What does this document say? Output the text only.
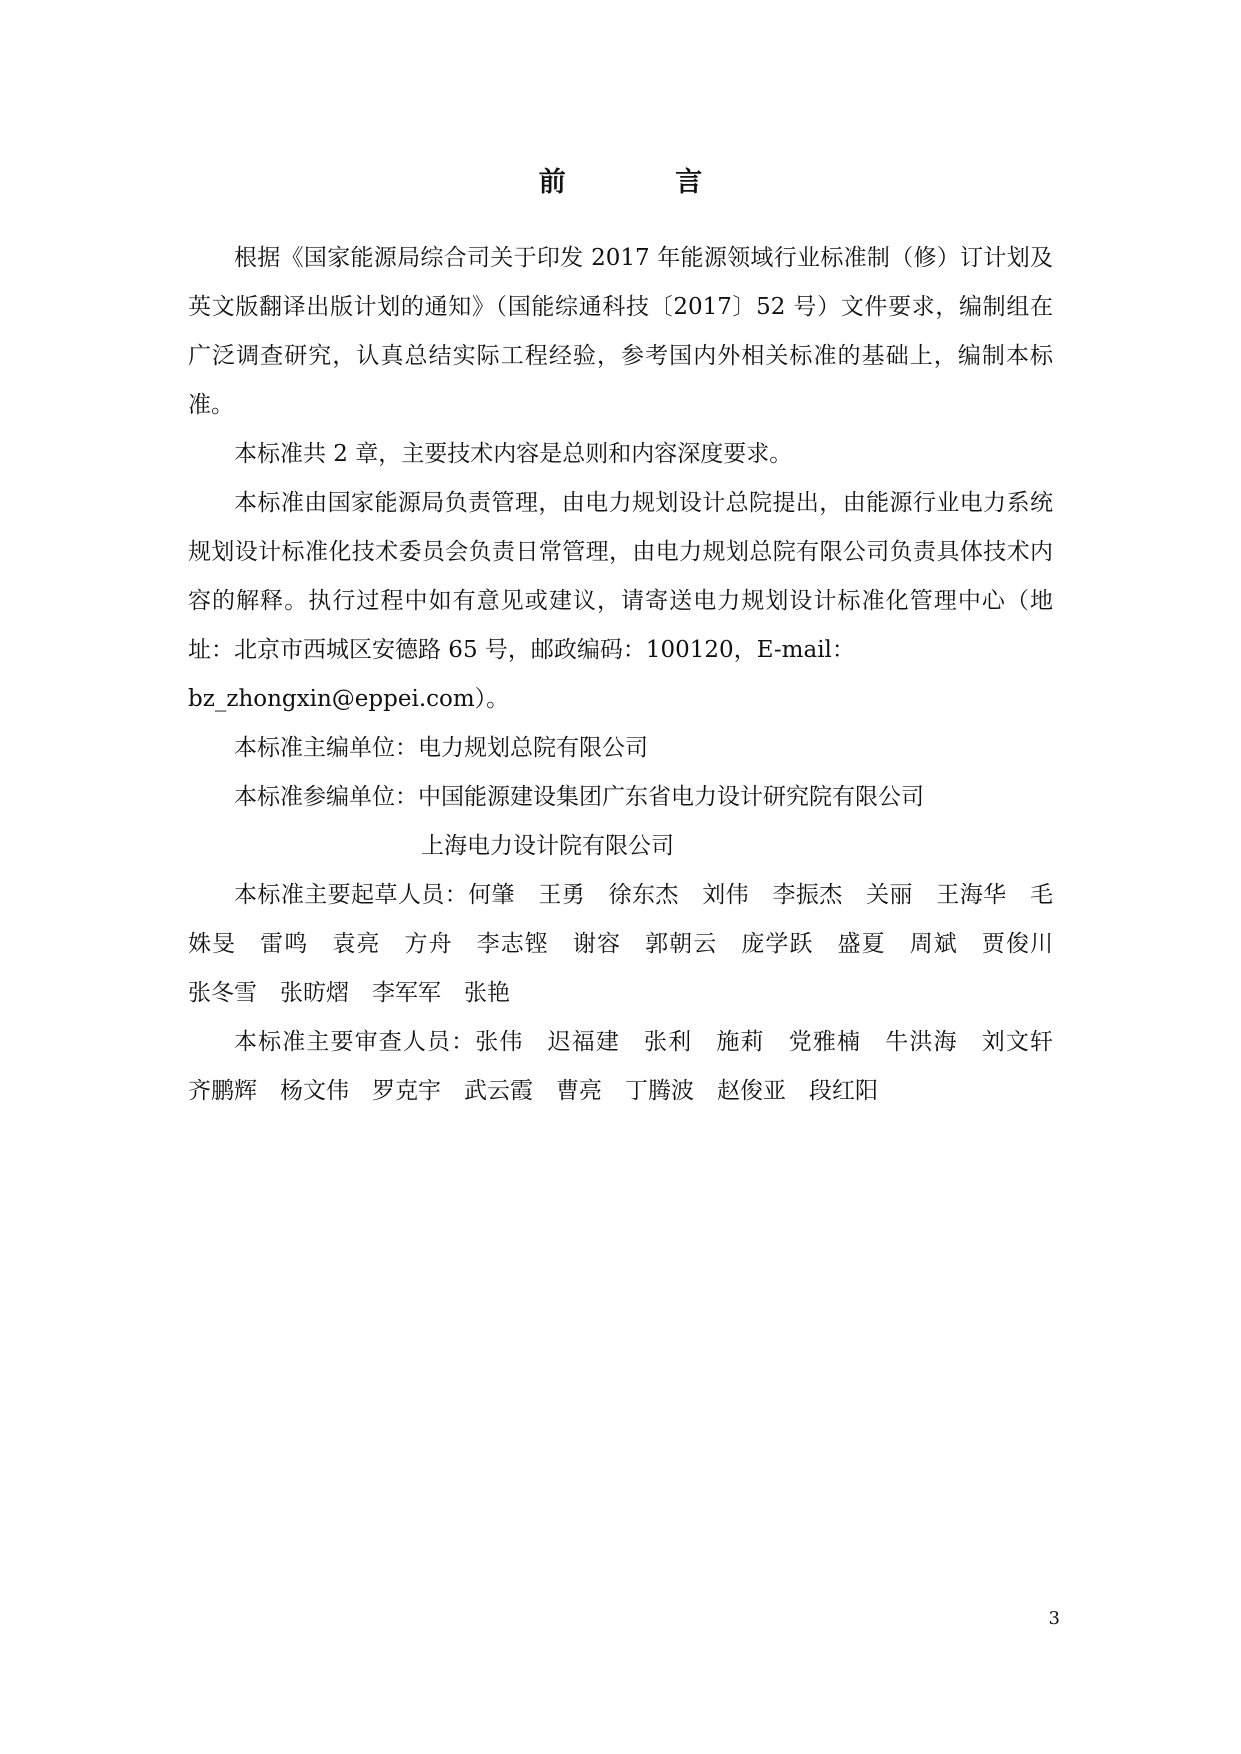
前 言

根据《国家能源局综合司关于印发 2017 年能源领域行业标准制（修）订计划及英文版翻译出版计划的通知》（国能综通科技〔2017〕52 号）文件要求，编制组在广泛调查研究，认真总结实际工程经验，参考国内外相关标准的基础上，编制本标准。

本标准共 2 章，主要技术内容是总则和内容深度要求。

本标准由国家能源局负责管理，由电力规划设计总院提出，由能源行业电力系统规划设计标准化技术委员会负责日常管理，由电力规划总院有限公司负责具体技术内容的解释。执行过程中如有意见或建议，请寄送电力规划设计标准化管理中心（地址：北京市西城区安德路 65 号，邮政编码：100120，E-mail：

bz_zhongxin@eppei.com）。

本标准主编单位：电力规划总院有限公司

本标准参编单位：中国能源建设集团广东省电力设计研究院有限公司

上海电力设计院有限公司

本标准主要起草人员：何肇　王勇　徐东杰　刘伟　李振杰　关丽　王海华　毛姝旻　雷鸣　袁亮　方舟　李志铿　谢容　郭朝云　庞学跃　盛夏　周斌　贾俊川　张冬雪　张昉熠　李军军　张艳

本标准主要审查人员：张伟　迟福建　张利　施莉　党雅楠　牛洪海　刘文轩　齐鹏辉　杨文伟　罗克宇　武云霞　曹亮　丁腾波　赵俊亚　段红阳

3
